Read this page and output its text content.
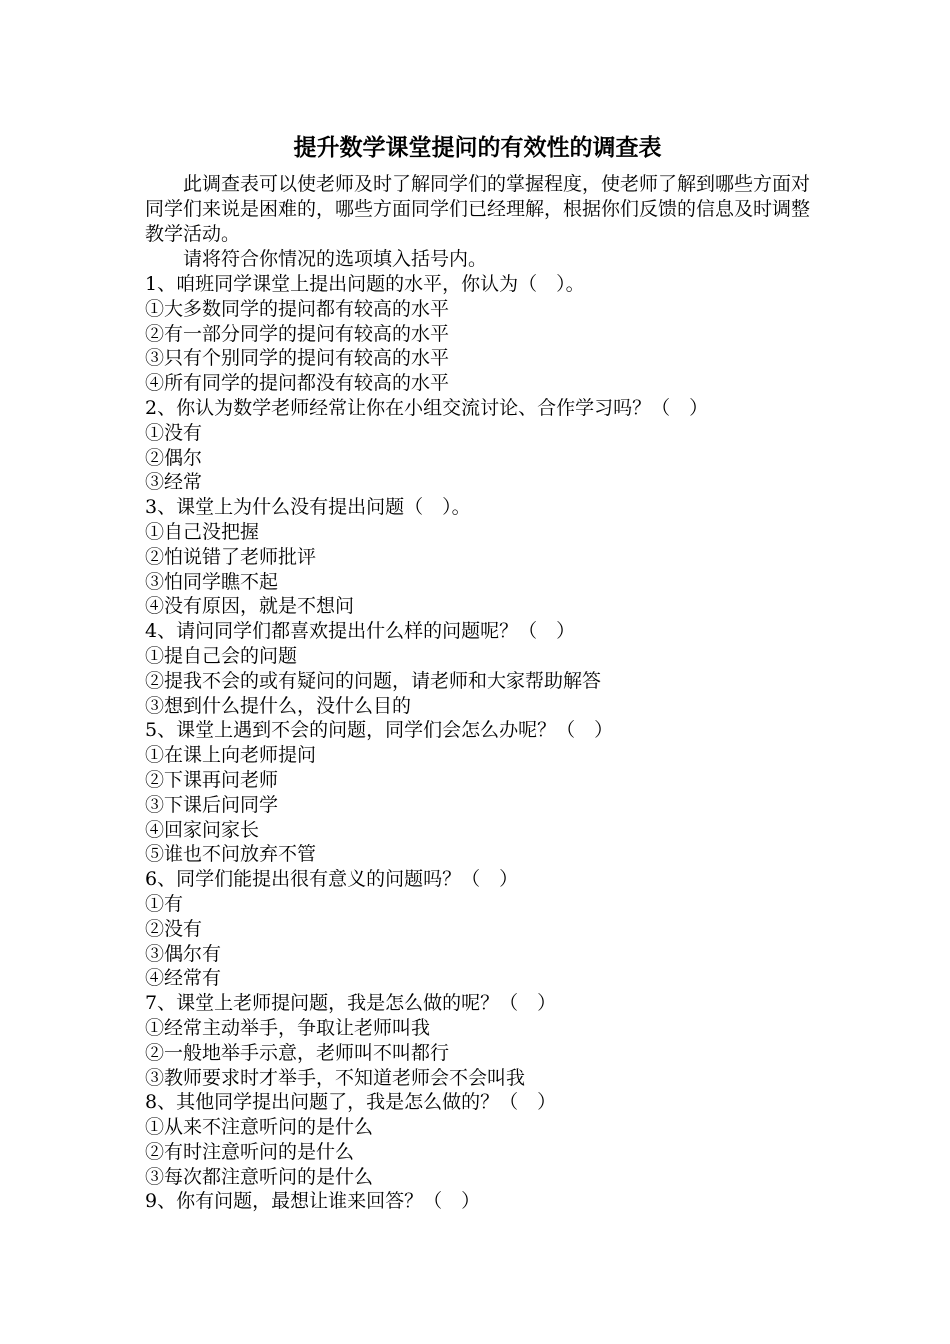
提升数学课堂提问的有效性的调查表

此调查表可以使老师及时了解同学们的掌握程度，使老师了解到哪些方面对同学们来说是困难的，哪些方面同学们已经理解，根据你们反馈的信息及时调整教学活动。

请将符合你情况的选项填入括号内。

1、咱班同学课堂上提出问题的水平，你认为（　）。
①大多数同学的提问都有较高的水平
②有一部分同学的提问有较高的水平
③只有个别同学的提问有较高的水平
④所有同学的提问都没有较高的水平
2、你认为数学老师经常让你在小组交流讨论、合作学习吗？（　）
①没有
②偶尔
③经常
3、课堂上为什么没有提出问题（　）。
①自己没把握
②怕说错了老师批评
③怕同学瞧不起
④没有原因，就是不想问
4、请问同学们都喜欢提出什么样的问题呢？（　）
①提自己会的问题
②提我不会的或有疑问的问题，请老师和大家帮助解答
③想到什么提什么，没什么目的
5、课堂上遇到不会的问题，同学们会怎么办呢？（　）
①在课上向老师提问
②下课再问老师
③下课后问同学
④回家问家长
⑤谁也不问放弃不管
6、同学们能提出很有意义的问题吗？（　）
①有
②没有
③偶尔有
④经常有
7、课堂上老师提问题，我是怎么做的呢？（　）
①经常主动举手，争取让老师叫我
②一般地举手示意，老师叫不叫都行
③教师要求时才举手，不知道老师会不会叫我
8、其他同学提出问题了，我是怎么做的？（　）
①从来不注意听问的是什么
②有时注意听问的是什么
③每次都注意听问的是什么
9、你有问题，最想让谁来回答？（　）
